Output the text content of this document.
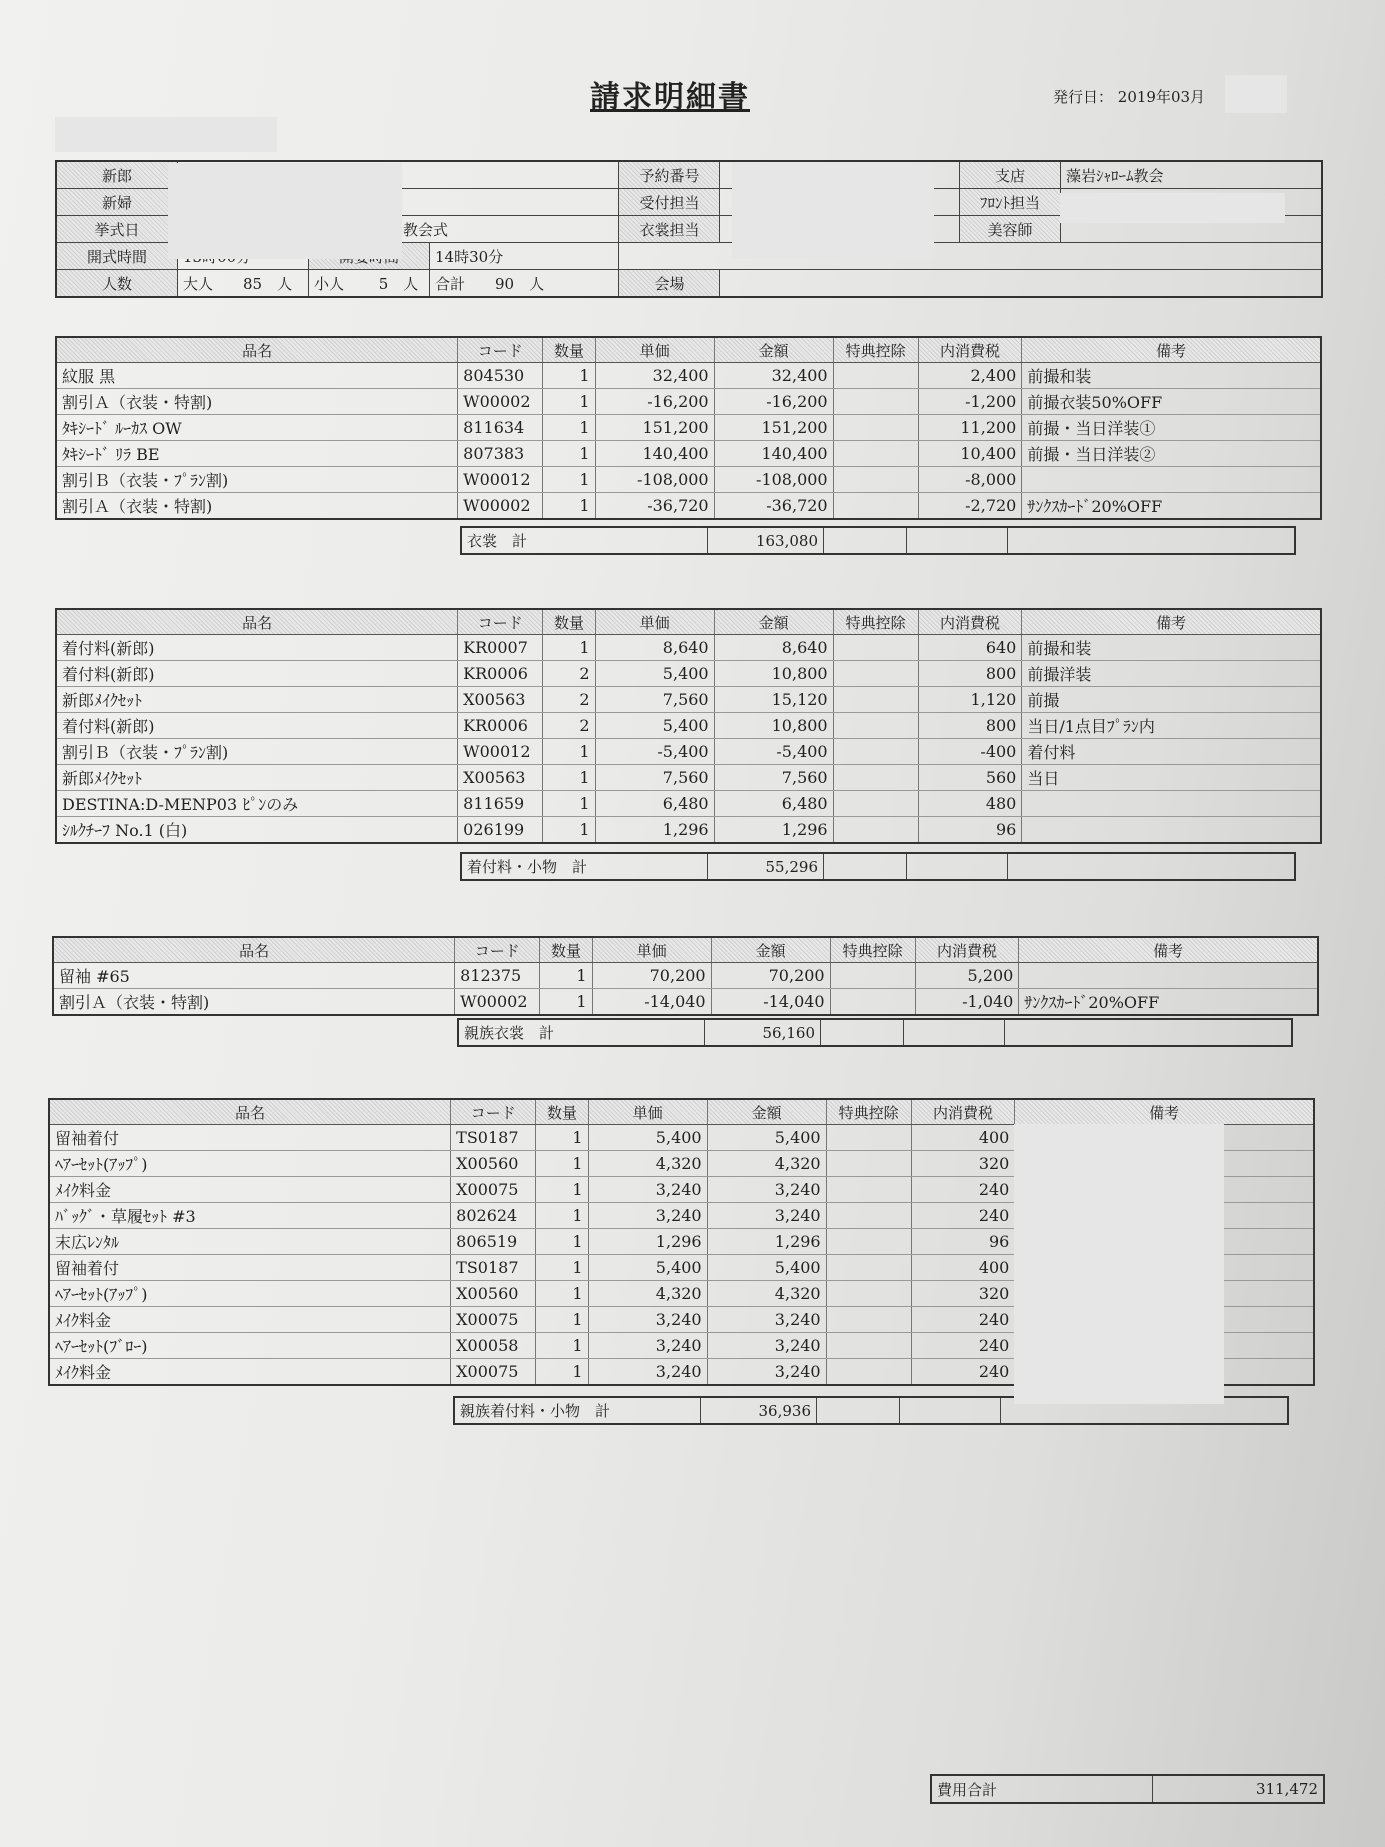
請求明細書	発行日： 2019年03月
新郎				予約番号		支店	藻岩ｼｬﾛｰﾑ教会
新婦				受付担当		ﾌﾛﾝﾄ担当	
挙式日	教会式			衣裳担当		美容師	
開式時間			14時30分				
人数	大人　　85　人	小人　　 5　人	合計　　90　人	会場			
品名	コード	数量	単価	金額	特典控除	内消費税	備考
紋服 黒	804530	1	32,400	32,400		2,400	前撮和装
割引Ａ（衣装・特割)	W00002	1	-16,200	-16,200		-1,200	前撮衣装50%OFF
ﾀｷｼｰﾄﾞ ﾙｰｶｽ OW	811634	1	151,200	151,200		11,200	前撮・当日洋装①
ﾀｷｼｰﾄﾞ ﾘﾗ BE	807383	1	140,400	140,400		10,400	前撮・当日洋装②
割引Ｂ（衣装・ﾌﾟﾗﾝ割)	W00012	1	-108,000	-108,000		-8,000	
割引Ａ（衣装・特割)	W00002	1	-36,720	-36,720		-2,720	ｻﾝｸｽｶｰﾄﾞ20%OFF
衣裳　計	163,080			
品名	コード	数量	単価	金額	特典控除	内消費税	備考
着付料(新郎)	KR0007	1	8,640	8,640		640	前撮和装
着付料(新郎)	KR0006	2	5,400	10,800		800	前撮洋装
新郎ﾒｲｸｾｯﾄ	X00563	2	7,560	15,120		1,120	前撮
着付料(新郎)	KR0006	2	5,400	10,800		800	当日/1点目ﾌﾟﾗﾝ内
割引Ｂ（衣装・ﾌﾟﾗﾝ割)	W00012	1	-5,400	-5,400		-400	着付料
新郎ﾒｲｸｾｯﾄ	X00563	1	7,560	7,560		560	当日
DESTINA:D-MENP03 ﾋﾟﾝのみ	811659	1	6,480	6,480		480	
ｼﾙｸﾁｰﾌ No.1 (白)	026199	1	1,296	1,296		96	
着付料・小物　計	55,296			
品名	コード	数量	単価	金額	特典控除	内消費税	備考
留袖 #65	812375	1	70,200	70,200		5,200	
割引Ａ（衣装・特割)	W00002	1	-14,040	-14,040		-1,040	ｻﾝｸｽｶｰﾄﾞ20%OFF
親族衣裳　計	56,160			
品名	コード	数量	単価	金額	特典控除	内消費税	備考
留袖着付	TS0187	1	5,400	5,400		400	
ﾍｱｰｾｯﾄ(ｱｯﾌﾟ)	X00560	1	4,320	4,320		320	
ﾒｲｸ料金	X00075	1	3,240	3,240		240	
ﾊﾞｯｸﾞ・草履ｾｯﾄ #3	802624	1	3,240	3,240		240	
末広ﾚﾝﾀﾙ	806519	1	1,296	1,296		96	
留袖着付	TS0187	1	5,400	5,400		400	
ﾍｱｰｾｯﾄ(ｱｯﾌﾟ)	X00560	1	4,320	4,320		320	
ﾒｲｸ料金	X00075	1	3,240	3,240		240	
ﾍｱｰｾｯﾄ(ﾌﾞﾛｰ)	X00058	1	3,240	3,240		240	
ﾒｲｸ料金	X00075	1	3,240	3,240		240	
親族着付料・小物　計	36,936			
費用合計	311,472
